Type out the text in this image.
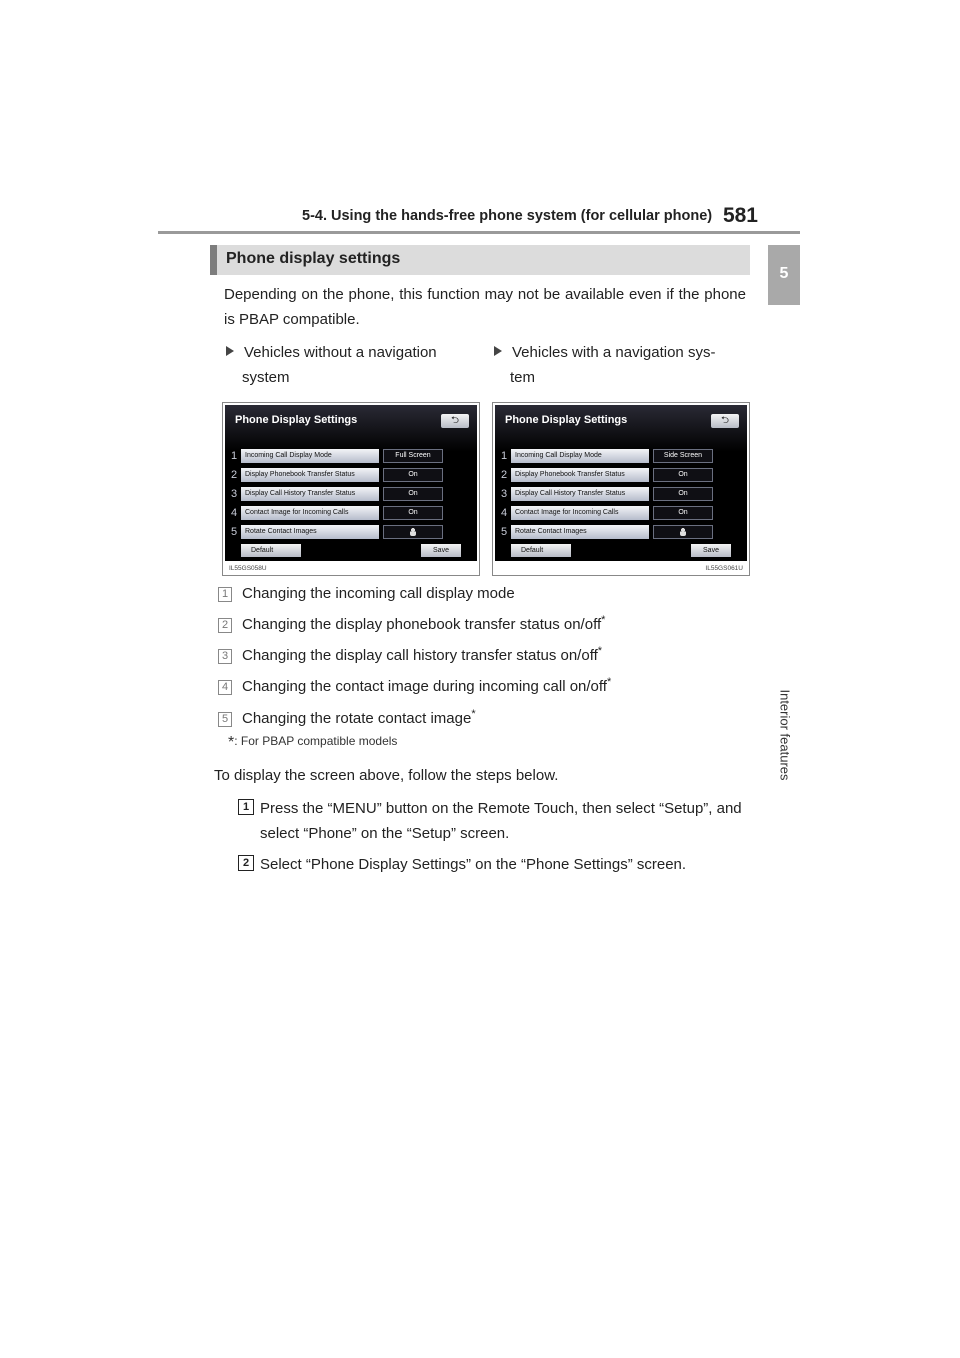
5-4. Using the hands-free phone system (for cellular phone) 581
5
Interior features
Phone display settings

Depending on the phone, this function may not be available even if the phone is PBAP compatible.

Vehicles without a navigation
system
Vehicles with a navigation sys-
tem
Phone Display Settings	⮌
1	Incoming Call Display Mode	Full Screen
2	Display Phonebook Transfer Status	On
3	Display Call History Transfer Status	On
4	Contact Image for Incoming Calls	On
5	Rotate Contact Images
Default	Save
IL55GS058U
Phone Display Settings	⮌
1	Incoming Call Display Mode	Side Screen
2	Display Phonebook Transfer Status	On
3	Display Call History Transfer Status	On
4	Contact Image for Incoming Calls	On
5	Rotate Contact Images
Default	Save
IL55GS061U
1 Changing the incoming call display mode
2 Changing the display phonebook transfer status on/off*
3 Changing the display call history transfer status on/off*
4 Changing the contact image during incoming call on/off*
5 Changing the rotate contact image*
*: For PBAP compatible models

To display the screen above, follow the steps below.

1 Press the “MENU” button on the Remote Touch, then select “Setup”, and select “Phone” on the “Setup” screen.
2 Select “Phone Display Settings” on the “Phone Settings” screen.
